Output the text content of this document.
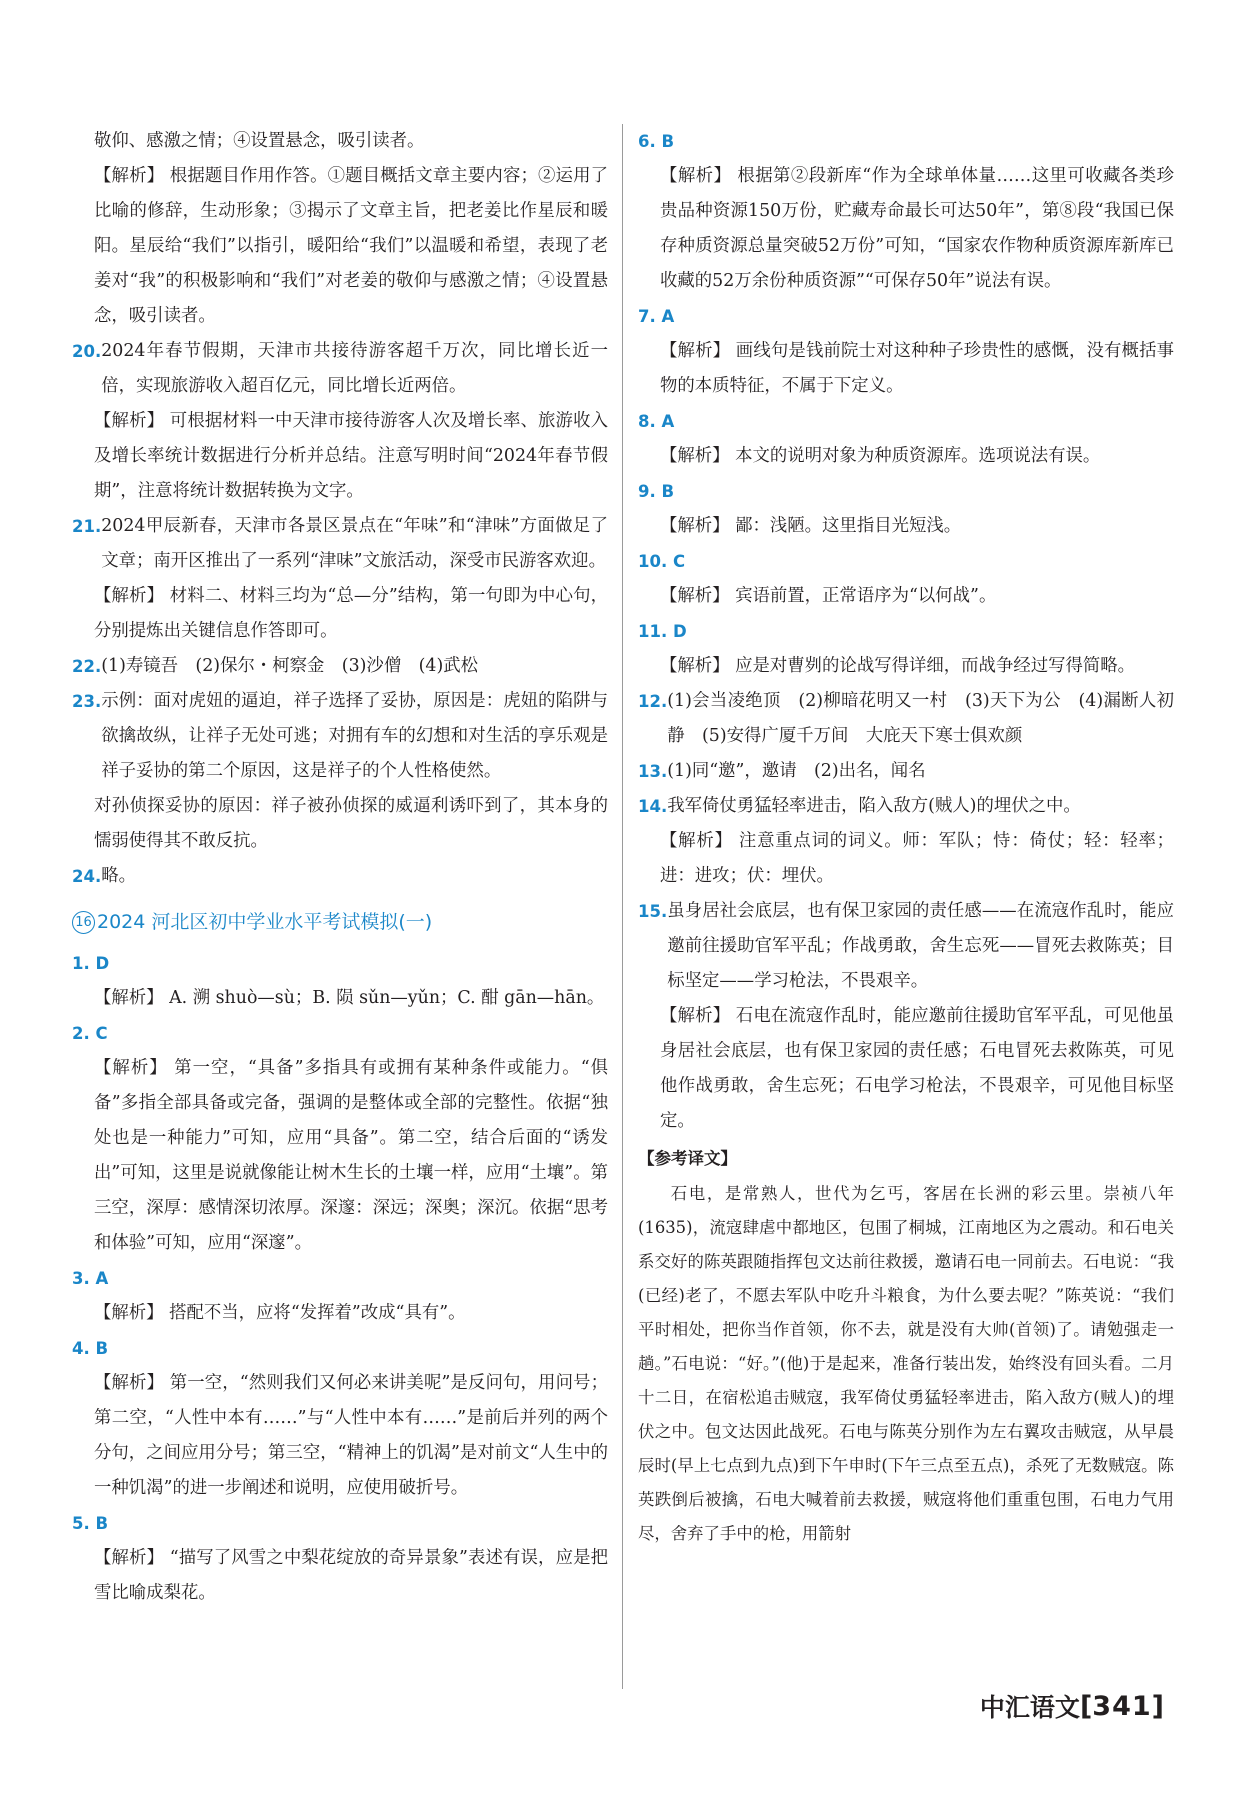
敬仰、感激之情；④设置悬念，吸引读者。

【解析】 根据题目作用作答。①题目概括文章主要内容；②运用了比喻的修辞，生动形象；③揭示了文章主旨，把老姜比作星辰和暖阳。星辰给“我们”以指引，暖阳给“我们”以温暖和希望，表现了老姜对“我”的积极影响和“我们”对老姜的敬仰与感激之情；④设置悬念，吸引读者。

20. 2024年春节假期，天津市共接待游客超千万次，同比增长近一倍，实现旅游收入超百亿元，同比增长近两倍。

【解析】 可根据材料一中天津市接待游客人次及增长率、旅游收入及增长率统计数据进行分析并总结。注意写明时间“2024年春节假期”，注意将统计数据转换为文字。

21. 2024甲辰新春，天津市各景区景点在“年味”和“津味”方面做足了文章；南开区推出了一系列“津味”文旅活动，深受市民游客欢迎。

【解析】 材料二、材料三均为“总—分”结构，第一句即为中心句，分别提炼出关键信息作答即可。

22. (1)寿镜吾　(2)保尔・柯察金　(3)沙僧　(4)武松
23. 示例：面对虎妞的逼迫，祥子选择了妥协，原因是：虎妞的陷阱与欲擒故纵，让祥子无处可逃；对拥有车的幻想和对生活的享乐观是祥子妥协的第二个原因，这是祥子的个人性格使然。

对孙侦探妥协的原因：祥子被孙侦探的威逼利诱吓到了，其本身的懦弱使得其不敢反抗。

24. 略。
16 2024 河北区初中学业水平考试模拟(一)
1. D

【解析】 A. 溯 shuò—sù；B. 陨 sǔn—yǔn；C. 酣 gān—hān。

2. C

【解析】 第一空，“具备”多指具有或拥有某种条件或能力。“俱备”多指全部具备或完备，强调的是整体或全部的完整性。依据“独处也是一种能力”可知，应用“具备”。第二空，结合后面的“诱发出”可知，这里是说就像能让树木生长的土壤一样，应用“土壤”。第三空，深厚：感情深切浓厚。深邃：深远；深奥；深沉。依据“思考和体验”可知，应用“深邃”。

3. A

【解析】 搭配不当，应将“发挥着”改成“具有”。

4. B

【解析】 第一空，“然则我们又何必来讲美呢”是反问句，用问号；第二空，“人性中本有……”与“人性中本有……”是前后并列的两个分句，之间应用分号；第三空，“精神上的饥渴”是对前文“人生中的一种饥渴”的进一步阐述和说明，应使用破折号。

5. B

【解析】 “描写了风雪之中梨花绽放的奇异景象”表述有误，应是把雪比喻成梨花。

6. B

【解析】 根据第②段新库“作为全球单体量……这里可收藏各类珍贵品种资源150万份，贮藏寿命最长可达50年”，第⑧段“我国已保存种质资源总量突破52万份”可知，“国家农作物种质资源库新库已收藏的52万余份种质资源”“可保存50年”说法有误。

7. A

【解析】 画线句是钱前院士对这种种子珍贵性的感慨，没有概括事物的本质特征，不属于下定义。

8. A

【解析】 本文的说明对象为种质资源库。选项说法有误。

9. B

【解析】 鄙：浅陋。这里指目光短浅。

10. C

【解析】 宾语前置，正常语序为“以何战”。

11. D

【解析】 应是对曹刿的论战写得详细，而战争经过写得简略。

12. (1)会当凌绝顶　(2)柳暗花明又一村　(3)天下为公　(4)漏断人初静　(5)安得广厦千万间　大庇天下寒士俱欢颜
13. (1)同“邀”，邀请　(2)出名，闻名
14. 我军倚仗勇猛轻率进击，陷入敌方(贼人)的埋伏之中。

【解析】 注意重点词的词义。师：军队；恃：倚仗；轻：轻率；进：进攻；伏：埋伏。

15. 虽身居社会底层，也有保卫家园的责任感——在流寇作乱时，能应邀前往援助官军平乱；作战勇敢，舍生忘死——冒死去救陈英；目标坚定——学习枪法，不畏艰辛。

【解析】 石电在流寇作乱时，能应邀前往援助官军平乱，可见他虽身居社会底层，也有保卫家园的责任感；石电冒死去救陈英，可见他作战勇敢，舍生忘死；石电学习枪法，不畏艰辛，可见他目标坚定。

【参考译文】

石电，是常熟人，世代为乞丐，客居在长洲的彩云里。崇祯八年(1635)，流寇肆虐中都地区，包围了桐城，江南地区为之震动。和石电关系交好的陈英跟随指挥包文达前往救援，邀请石电一同前去。石电说：“我(已经)老了，不愿去军队中吃升斗粮食，为什么要去呢？”陈英说：“我们平时相处，把你当作首领，你不去，就是没有大帅(首领)了。请勉强走一趟。”石电说：“好。”(他)于是起来，准备行装出发，始终没有回头看。二月十二日，在宿松追击贼寇，我军倚仗勇猛轻率进击，陷入敌方(贼人)的埋伏之中。包文达因此战死。石电与陈英分别作为左右翼攻击贼寇，从早晨辰时(早上七点到九点)到下午申时(下午三点至五点)，杀死了无数贼寇。陈英跌倒后被擒，石电大喊着前去救援，贼寇将他们重重包围，石电力气用尽，舍弃了手中的枪，用箭射

中汇语文 [ 341 ]
